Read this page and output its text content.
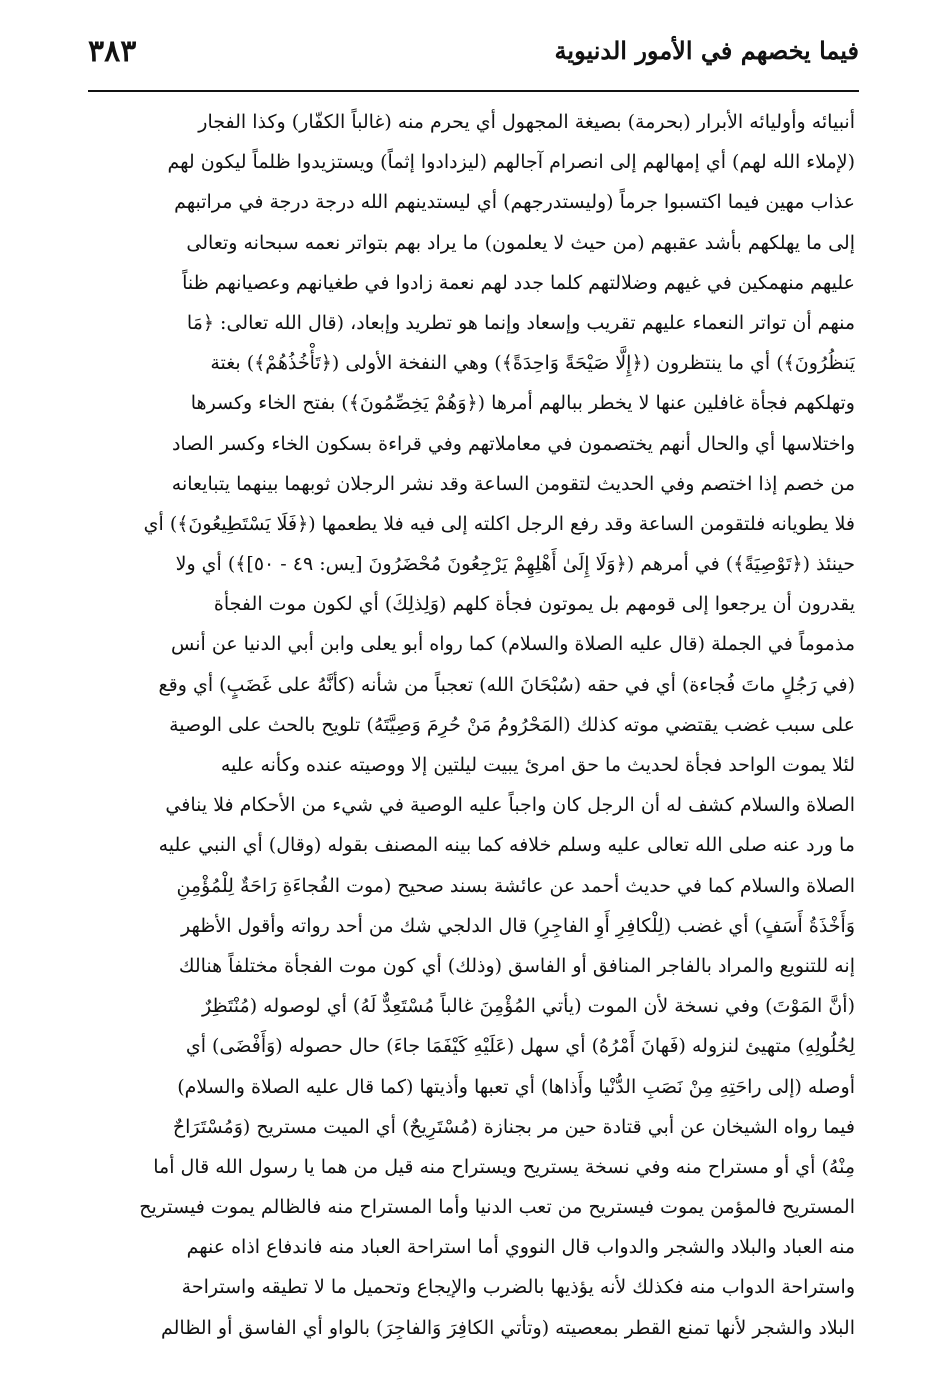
فيما يخصهم في الأمور الدنيوية
٣٨٣
أنبيائه وأوليائه الأبرار (بحرمة) بصيغة المجهول أي يحرم منه (غالباً الكفّار) وكذا الفجار
(لإملاء الله لهم) أي إمهالهم إلى انصرام آجالهم (ليزدادوا إثماً) ويستزيدوا ظلماً ليكون لهم
عذاب مهين فيما اكتسبوا جرماً (وليستدرجهم) أي ليستدينهم الله درجة درجة في مراتبهم
إلى ما يهلكهم بأشد عقبهم (من حيث لا يعلمون) ما يراد بهم بتواتر نعمه سبحانه وتعالى
عليهم منهمكين في غيهم وضلالتهم كلما جدد لهم نعمة زادوا في طغيانهم وعصيانهم ظناً
منهم أن تواتر النعماء عليهم تقريب وإسعاد وإنما هو تطريد وإبعاد، (قال الله تعالى: ﴿مَا
يَنظُرُونَ﴾) أي ما ينتظرون (﴿إِلَّا صَيْحَةً وَاحِدَةً﴾) وهي النفخة الأولى (﴿تَأْخُذُهُمْ﴾) بغتة
وتهلكهم فجأة غافلين عنها لا يخطر ببالهم أمرها (﴿وَهُمْ يَخِصِّمُونَ﴾) بفتح الخاء وكسرها
واختلاسها أي والحال أنهم يختصمون في معاملاتهم وفي قراءة بسكون الخاء وكسر الصاد
من خصم إذا اختصم وفي الحديث لتقومن الساعة وقد نشر الرجلان ثوبهما بينهما يتبايعانه
فلا يطويانه فلتقومن الساعة وقد رفع الرجل اكلته إلى فيه فلا يطعمها (﴿فَلَا يَسْتَطِيعُونَ﴾) أي
حينئذ (﴿تَوْصِيَةً﴾) في أمرهم (﴿وَلَا إِلَىٰ أَهْلِهِمْ يَرْجِعُونَ مُحْضَرُونَ [يس: ٤٩ - ٥٠]﴾) أي ولا
يقدرون أن يرجعوا إلى قومهم بل يموتون فجأة كلهم (وَلِذلِكَ) أي لكون موت الفجأة
مذموماً في الجملة (قال عليه الصلاة والسلام) كما رواه أبو يعلى وابن أبي الدنيا عن أنس
(في رَجُلٍ ماتَ فُجاءة) أي في حقه (سُبْحَانَ الله) تعجباً من شأنه (كأنَّهُ على غَضَبٍ) أي وقع
على سبب غضب يقتضي موته كذلك (المَحْرُومُ مَنْ حُرِمَ وَصِيَّتَهُ) تلويح بالحث على الوصية
لئلا يموت الواحد فجأة لحديث ما حق امرئ يبيت ليلتين إلا ووصيته عنده وكأنه عليه
الصلاة والسلام كشف له أن الرجل كان واجباً عليه الوصية في شيء من الأحكام فلا ينافي
ما ورد عنه صلى الله تعالى عليه وسلم خلافه كما بينه المصنف بقوله (وقال) أي النبي عليه
الصلاة والسلام كما في حديث أحمد عن عائشة بسند صحيح (موت الفُجاءَةِ رَاحَةٌ لِلْمُؤْمِنِ
وَأَخْذَةُ أَسَفٍ) أي غضب (لِلْكافِرِ أَوِ الفاجِرِ) قال الدلجي شك من أحد رواته وأقول الأظهر
إنه للتنويع والمراد بالفاجر المنافق أو الفاسق (وذلك) أي كون موت الفجأة مختلفاً هنالك
(أنَّ المَوْتَ) وفي نسخة لأن الموت (يأتي المُؤْمِنَ غالباً مُسْتَعِدٌّ لَهُ) أي لوصوله (مُنْتَظِرٌ
لِحُلُولِهِ) متهيئ لنزوله (فَهانَ أَمْرُهُ) أي سهل (عَلَيْهِ كَيْفَمَا جاءَ) حال حصوله (وَأَفْضَى) أي
أوصله (إلى راحَتِهِ مِنْ نَصَبِ الدُّنْيا وأَذاها) أي تعبها وأذيتها (كما قال عليه الصلاة والسلام)
فيما رواه الشيخان عن أبي قتادة حين مر بجنازة (مُسْتَرِيحٌ) أي الميت مستريح (وَمُسْتَرَاحٌ
مِنْهُ) أي أو مستراح منه وفي نسخة يستريح ويستراح منه قيل من هما يا رسول الله قال أما
المستريح فالمؤمن يموت فيستريح من تعب الدنيا وأما المستراح منه فالظالم يموت فيستريح
منه العباد والبلاد والشجر والدواب قال النووي أما استراحة العباد منه فاندفاع اذاه عنهم
واستراحة الدواب منه فكذلك لأنه يؤذيها بالضرب والإيجاع وتحميل ما لا تطيقه واستراحة
البلاد والشجر لأنها تمنع القطر بمعصيته (وتأتي الكافِرَ وَالفاجِرَ) بالواو أي الفاسق أو الظالم
